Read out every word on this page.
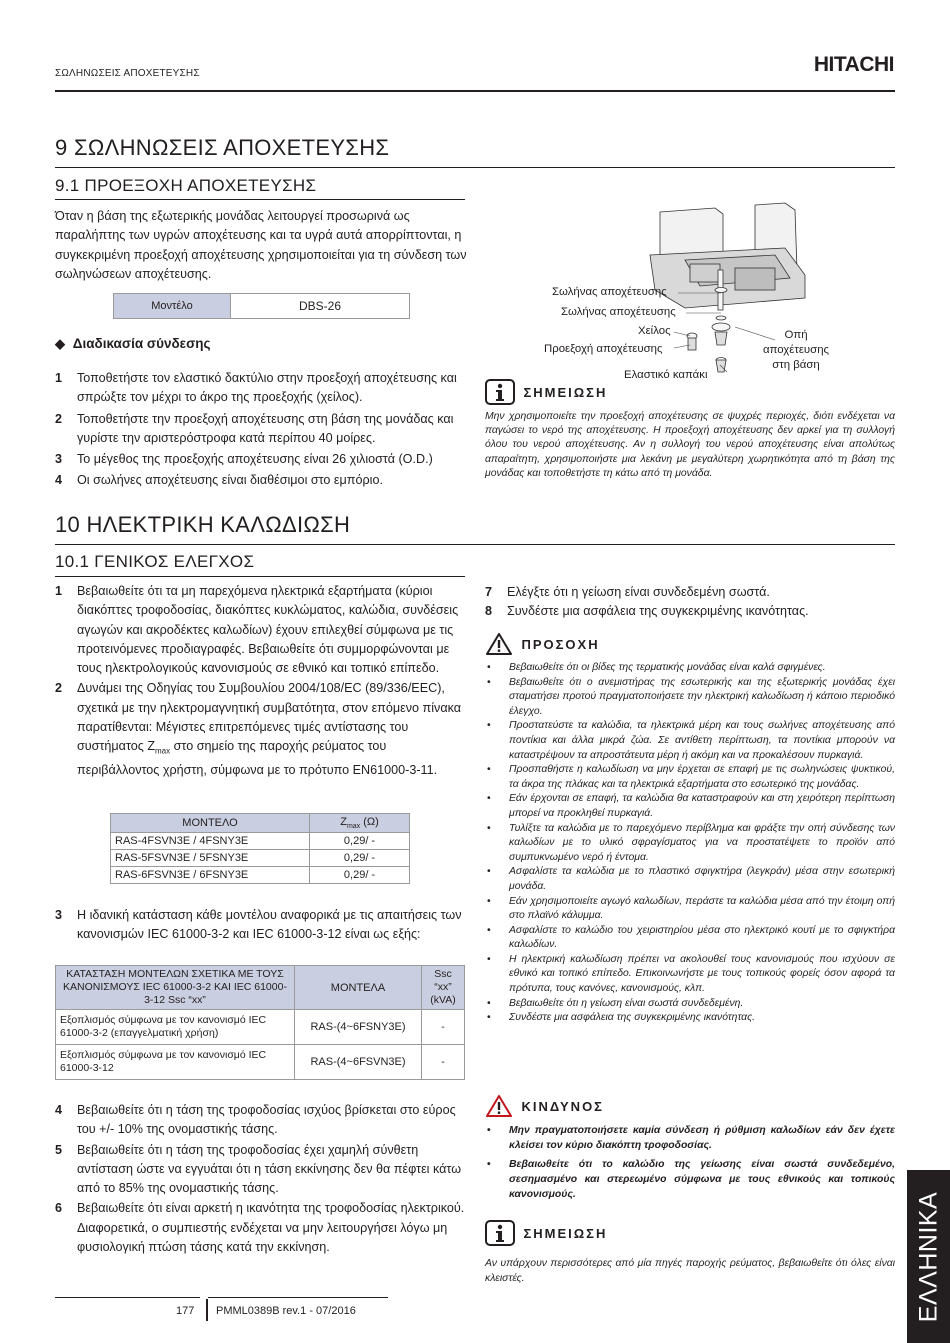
ΣΩΛΗΝΩΣΕΙΣ ΑΠΟΧΕΤΕΥΣΗΣ	HITACHI
9 ΣΩΛΗΝΩΣΕΙΣ ΑΠΟΧΕΤΕΥΣΗΣ
9.1 ΠΡΟΕΞΟΧΗ ΑΠΟΧΕΤΕΥΣΗΣ
Όταν η βάση της εξωτερικής μονάδας λειτουργεί προσωρινά ως παραλήπτης των υγρών αποχέτευσης και τα υγρά αυτά απορρίπτονται, η συγκεκριμένη προεξοχή αποχέτευσης χρησιμοποιείται για τη σύνδεση των σωληνώσεων αποχέτευσης.
Μοντέλο	DBS-26
◆ Διαδικασία σύνδεσης
1 Τοποθετήστε τον ελαστικό δακτύλιο στην προεξοχή αποχέτευσης και σπρώξτε τον μέχρι το άκρο της προεξοχής (χείλος).
2 Τοποθετήστε την προεξοχή αποχέτευσης στη βάση της μονάδας και γυρίστε την αριστερόστροφα κατά περίπου 40 μοίρες.
3 Το μέγεθος της προεξοχής αποχέτευσης είναι 26 χιλιοστά (O.D.)
4 Οι σωλήνες αποχέτευσης είναι διαθέσιμοι στο εμπόριο.
Σωλήνας αποχέτευσης
Σωλήνας αποχέτευσης
Χείλος
Προεξοχή αποχέτευσης
Ελαστικό καπάκι
Οπή
αποχέτευσης
στη βάση
ΣΗΜΕΙΩΣΗ
Μην χρησιμοποιείτε την προεξοχή αποχέτευσης σε ψυχρές περιοχές, διότι ενδέχεται να παγώσει το νερό της αποχέτευσης. Η προεξοχή αποχέτευσης δεν αρκεί για τη συλλογή όλου του νερού αποχέτευσης. Αν η συλλογή του νερού αποχέτευσης είναι απολύτως απαραίτητη, χρησιμοποιήστε μια λεκάνη με μεγαλύτερη χωρητικότητα από τη βάση της μονάδας και τοποθετήστε τη κάτω από τη μονάδα.
10 ΗΛΕΚΤΡΙΚΗ ΚΑΛΩΔΙΩΣΗ
10.1 ΓΕΝΙΚΟΣ ΕΛΕΓΧΟΣ
1 Βεβαιωθείτε ότι τα μη παρεχόμενα ηλεκτρικά εξαρτήματα (κύριοι διακόπτες τροφοδοσίας, διακόπτες κυκλώματος, καλώδια, συνδέσεις αγωγών και ακροδέκτες καλωδίων) έχουν επιλεχθεί σύμφωνα με τις προτεινόμενες προδιαγραφές. Βεβαιωθείτε ότι συμμορφώνονται με τους ηλεκτρολογικούς κανονισμούς σε εθνικό και τοπικό επίπεδο.
2 Δυνάμει της Οδηγίας του Συμβουλίου 2004/108/EC (89/336/EEC), σχετικά με την ηλεκτρομαγνητική συμβατότητα, στον επόμενο πίνακα παρατίθενται: Μέγιστες επιτρεπόμενες τιμές αντίστασης του συστήματος $Z_{max}$ στο σημείο της παροχής ρεύματος του περιβάλλοντος χρήστη, σύμφωνα με το πρότυπο EN61000-3-11.
ΜΟΝΤΕΛΟ	$Z_{max}$ (Ω)
RAS-4FSVN3E / 4FSNY3E	0,29/ -
RAS-5FSVN3E / 5FSNY3E	0,29/ -
RAS-6FSVN3E / 6FSNY3E	0,29/ -
3 Η ιδανική κατάσταση κάθε μοντέλου αναφορικά με τις απαιτήσεις των κανονισμών IEC 61000-3-2 και IEC 61000-3-12 είναι ως εξής:
ΚΑΤΑΣΤΑΣΗ ΜΟΝΤΕΛΩΝ ΣΧΕΤΙΚΑ ΜΕ ΤΟΥΣ ΚΑΝΟΝΙΣΜΟΥΣ IEC 61000-3-2 ΚΑΙ IEC 61000-3-12 Ssc “xx”	ΜΟΝΤΕΛΑ	Ssc “xx” (kVA)
Εξοπλισμός σύμφωνα με τον κανονισμό IEC 61000-3-2 (επαγγελματική χρήση)	RAS-(4~6FSNY3E)	-
Εξοπλισμός σύμφωνα με τον κανονισμό IEC 61000-3-12	RAS-(4~6FSVN3E)	-
4 Βεβαιωθείτε ότι η τάση της τροφοδοσίας ισχύος βρίσκεται στο εύρος του +/- 10% της ονομαστικής τάσης.
5 Βεβαιωθείτε ότι η τάση της τροφοδοσίας έχει χαμηλή σύνθετη αντίσταση ώστε να εγγυάται ότι η τάση εκκίνησης δεν θα πέφτει κάτω από το 85% της ονομαστικής τάσης.
6 Βεβαιωθείτε ότι είναι αρκετή η ικανότητα της τροφοδοσίας ηλεκτρικού. Διαφορετικά, ο συμπιεστής ενδέχεται να μην λειτουργήσει λόγω μη φυσιολογική πτώση τάσης κατά την εκκίνηση.
7 Ελέγξτε ότι η γείωση είναι συνδεδεμένη σωστά.
8 Συνδέστε μια ασφάλεια της συγκεκριμένης ικανότητας.
ΠΡΟΣΟΧΗ
• Βεβαιωθείτε ότι οι βίδες της τερματικής μονάδας είναι καλά σφιγμένες.
• Βεβαιωθείτε ότι ο ανεμιστήρας της εσωτερικής και της εξωτερικής μονάδας έχει σταματήσει προτού πραγματοποιήσετε την ηλεκτρική καλωδίωση ή κάποιο περιοδικό έλεγχο.
• Προστατεύστε τα καλώδια, τα ηλεκτρικά μέρη και τους σωλήνες αποχέτευσης από ποντίκια και άλλα μικρά ζώα. Σε αντίθετη περίπτωση, τα ποντίκια μπορούν να καταστρέψουν τα απροστάτευτα μέρη ή ακόμη και να προκαλέσουν πυρκαγιά.
• Προσπαθήστε η καλωδίωση να μην έρχεται σε επαφή με τις σωληνώσεις ψυκτικού, τα άκρα της πλάκας και τα ηλεκτρικά εξαρτήματα στο εσωτερικό της μονάδας.
• Εάν έρχονται σε επαφή, τα καλώδια θα καταστραφούν και στη χειρότερη περίπτωση μπορεί να προκληθεί πυρκαγιά.
• Τυλίξτε τα καλώδια με το παρεχόμενο περίβλημα και φράξτε την οπή σύνδεσης των καλωδίων με το υλικό σφραγίσματος για να προστατέψετε το προϊόν από συμπυκνωμένο νερό ή έντομα.
• Ασφαλίστε τα καλώδια με το πλαστικό σφιγκτήρα (λεγκράν) μέσα στην εσωτερική μονάδα.
• Εάν χρησιμοποιείτε αγωγό καλωδίων, περάστε τα καλώδια μέσα από την έτοιμη οπή στο πλαϊνό κάλυμμα.
• Ασφαλίστε το καλώδιο του χειριστηρίου μέσα στο ηλεκτρικό κουτί με το σφιγκτήρα καλωδίων.
• Η ηλεκτρική καλωδίωση πρέπει να ακολουθεί τους κανονισμούς που ισχύουν σε εθνικό και τοπικό επίπεδο. Επικοινωνήστε με τους τοπικούς φορείς όσον αφορά τα πρότυπα, τους κανόνες, κανονισμούς, κλπ.
• Βεβαιωθείτε ότι η γείωση είναι σωστά συνδεδεμένη.
• Συνδέστε μια ασφάλεια της συγκεκριμένης ικανότητας.
ΚΙΝΔΥΝΟΣ
• Μην πραγματοποιήσετε καμία σύνδεση ή ρύθμιση καλωδίων εάν δεν έχετε κλείσει τον κύριο διακόπτη τροφοδοσίας.
• Βεβαιωθείτε ότι το καλώδιο της γείωσης είναι σωστά συνδεδεμένο, σεσημασμένο και στερεωμένο σύμφωνα με τους εθνικούς και τοπικούς κανονισμούς.
ΣΗΜΕΙΩΣΗ
Αν υπάρχουν περισσότερες από μία πηγές παροχής ρεύματος, βεβαιωθείτε ότι όλες είναι κλειστές.
177 PMML0389B rev.1 - 07/2016	ΕΛΛΗΝΙΚΑ
